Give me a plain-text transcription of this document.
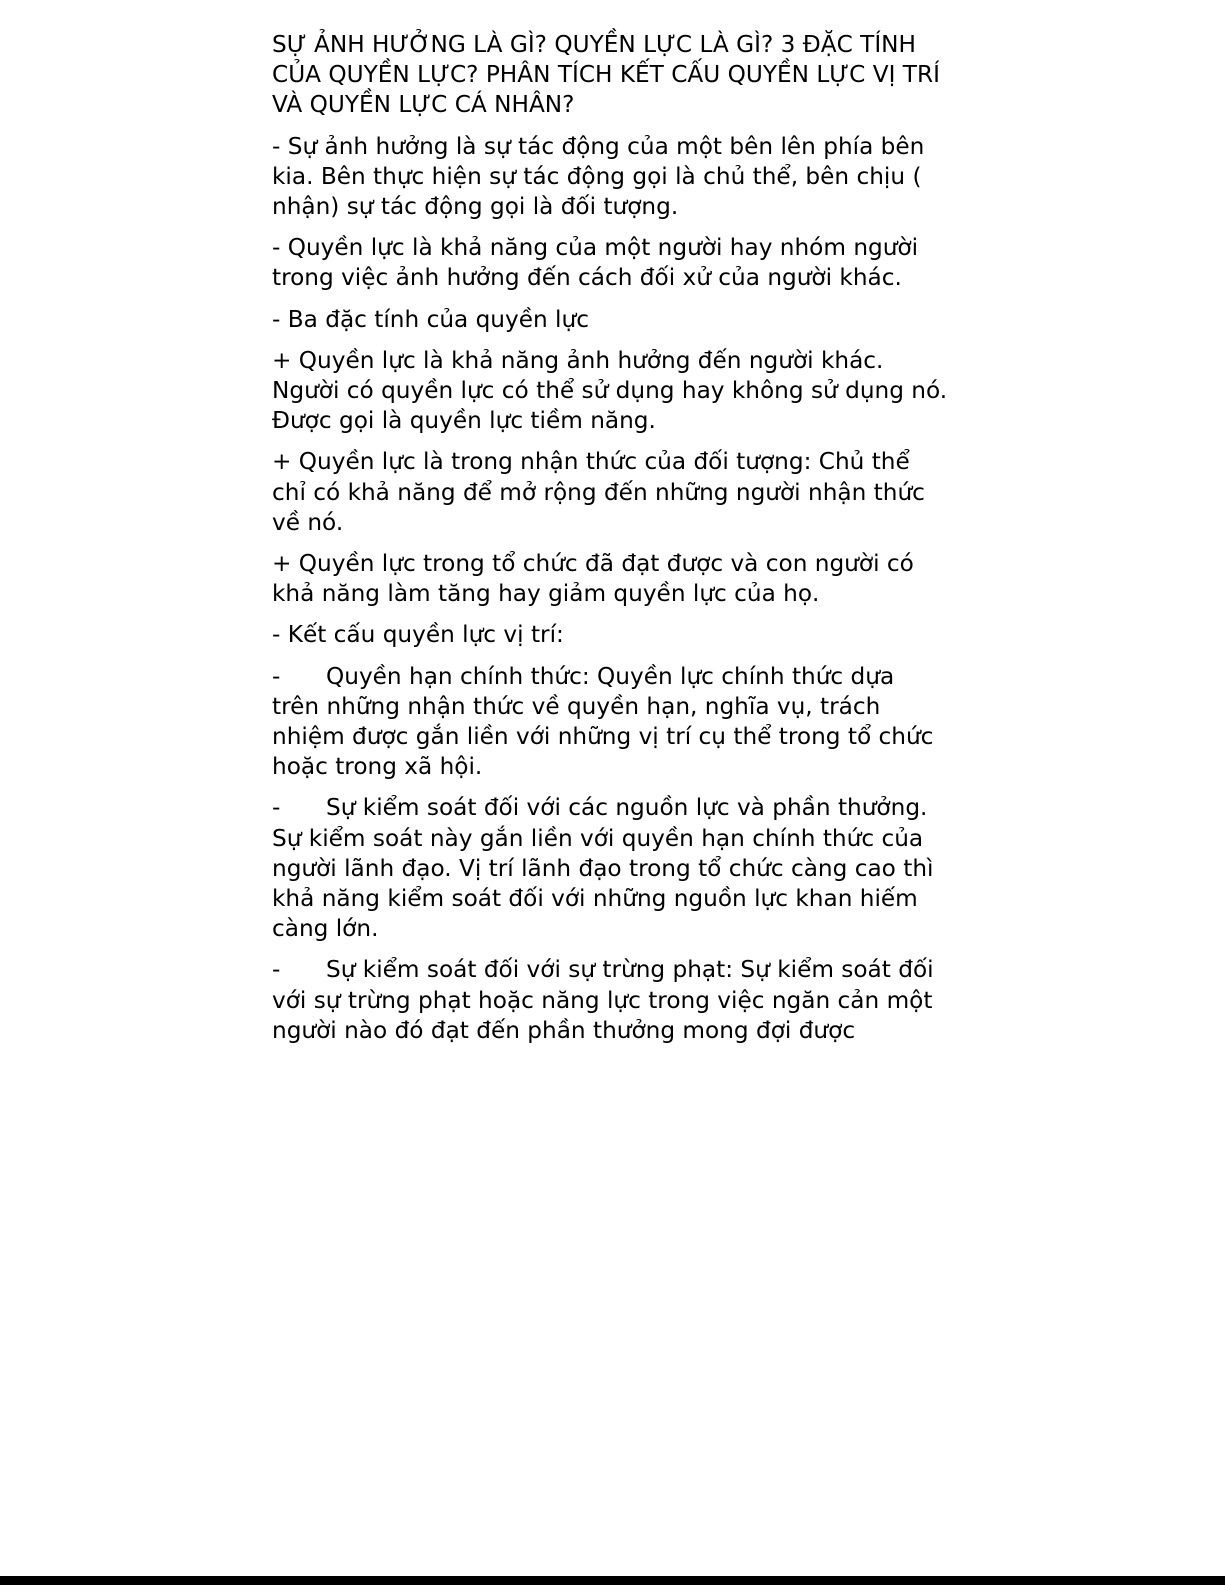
SỰ ẢNH HƯỞNG LÀ GÌ? QUYỀN LỰC LÀ GÌ? 3 ĐẶC TÍNH CỦA QUYỀN LỰC? PHÂN TÍCH KẾT CẤU QUYỀN LỰC VỊ TRÍ VÀ QUYỀN LỰC CÁ NHÂN?

- Sự ảnh hưởng là sự tác động của một bên lên phía bên kia. Bên thực hiện sự tác động gọi là chủ thể, bên chịu ( nhận) sự tác động gọi là đối tượng.

- Quyền lực là khả năng của một người hay nhóm người trong việc ảnh hưởng đến cách đối xử của người khác.

- Ba đặc tính của quyền lực

+ Quyền lực là khả năng ảnh hưởng đến người khác. Người có quyền lực có thể sử dụng hay không sử dụng nó. Được gọi là quyền lực tiềm năng.

+ Quyền lực là trong nhận thức của đối tượng: Chủ thể chỉ có khả năng để mở rộng đến những người nhận thức về nó.

+ Quyền lực trong tổ chức đã đạt được và con người có khả năng làm tăng hay giảm quyền lực của họ.

- Kết cấu quyền lực vị trí:

- Quyền hạn chính thức: Quyền lực chính thức dựa trên những nhận thức về quyền hạn, nghĩa vụ, trách nhiệm được gắn liền với những vị trí cụ thể trong tổ chức hoặc trong xã hội.

- Sự kiểm soát đối với các nguồn lực và phần thưởng. Sự kiểm soát này gắn liền với quyền hạn chính thức của người lãnh đạo. Vị trí lãnh đạo trong tổ chức càng cao thì khả năng kiểm soát đối với những nguồn lực khan hiếm càng lớn.

- Sự kiểm soát đối với sự trừng phạt: Sự kiểm soát đối với sự trừng phạt hoặc năng lực trong việc ngăn cản một người nào đó đạt đến phần thưởng mong đợi được
